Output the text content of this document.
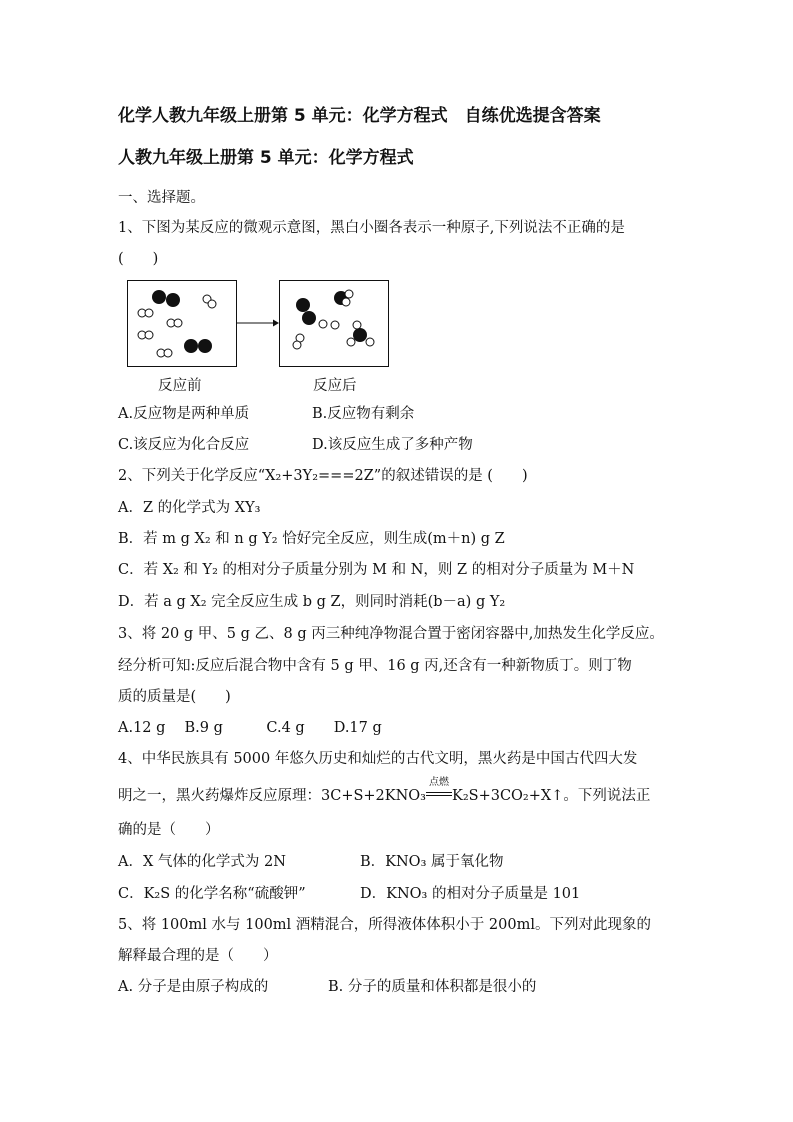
化学人教九年级上册第 5 单元：化学方程式　自练优选提含答案
人教九年级上册第 5 单元：化学方程式
一、选择题。
1、下图为某反应的微观示意图，黑白小圈各表示一种原子,下列说法不正确的是
(　　)
反应前	反应后
A.反应物是两种单质	B.反应物有剩余
C.该反应为化合反应	D.该反应生成了多种产物
2、下列关于化学反应“X₂+3Y₂===2Z”的叙述错误的是 (　　)
A．Z 的化学式为 XY₃
B．若 m g X₂ 和 n g Y₂ 恰好完全反应，则生成(m＋n) g Z
C．若 X₂ 和 Y₂ 的相对分子质量分别为 M 和 N，则 Z 的相对分子质量为 M＋N
D．若 a g X₂ 完全反应生成 b g Z，则同时消耗(b－a) g Y₂
3、将 20 g 甲、5 g 乙、8 g 丙三种纯净物混合置于密闭容器中,加热发生化学反应。
经分析可知:反应后混合物中含有 5 g 甲、16 g 丙,还含有一种新物质丁。则丁物
质的质量是(　　)
A.12 g　 B.9 g　　　C.4 g　　D.17 g
4、中华民族具有 5000 年悠久历史和灿烂的古代文明，黑火药是中国古代四大发
明之一，黑火药爆炸反应原理：3C+S+2KNO₃
点燃
K₂S+3CO₂+X↑。下列说法正
确的是（　　）
A．X 气体的化学式为 2N	B．KNO₃ 属于氧化物
C．K₂S 的化学名称“硫酸钾”	D．KNO₃ 的相对分子质量是 101
5、将 100ml 水与 100ml 酒精混合，所得液体体积小于 200ml。下列对此现象的
解释最合理的是（　　）
A. 分子是由原子构成的	B. 分子的质量和体积都是很小的
